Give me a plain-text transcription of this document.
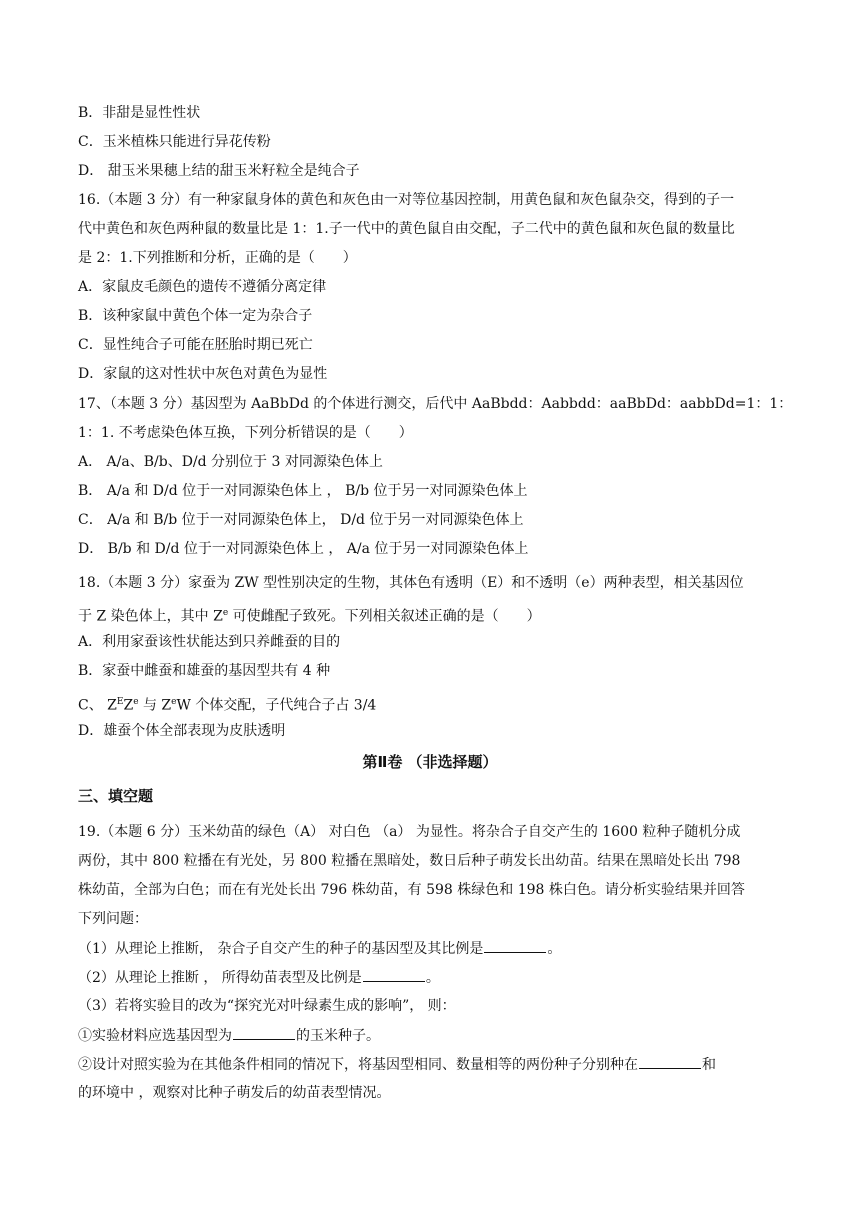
B．非甜是显性性状
C．玉米植株只能进行异花传粉
D． 甜玉米果穗上结的甜玉米籽粒全是纯合子
16.（本题 3 分）有一种家鼠身体的黄色和灰色由一对等位基因控制，用黄色鼠和灰色鼠杂交，得到的子一
代中黄色和灰色两种鼠的数量比是 1：1.子一代中的黄色鼠自由交配，子二代中的黄色鼠和灰色鼠的数量比
是 2：1.下列推断和分析，正确的是（　　）
A．家鼠皮毛颜色的遗传不遵循分离定律
B．该种家鼠中黄色个体一定为杂合子
C．显性纯合子可能在胚胎时期已死亡
D．家鼠的这对性状中灰色对黄色为显性
17、（本题 3 分）基因型为 AaBbDd 的个体进行测交，后代中 AaBbdd：Aabbdd：aaBbDd：aabbDd=1：1：
1：1. 不考虑染色体互换，下列分析错误的是（　　）
A． A/a、B/b、D/d 分别位于 3 对同源染色体上
B． A/a 和 D/d 位于一对同源染色体上 ， B/b 位于另一对同源染色体上
C． A/a 和 B/b 位于一对同源染色体上， D/d 位于另一对同源染色体上
D． B/b 和 D/d 位于一对同源染色体上 ， A/a 位于另一对同源染色体上
18.（本题 3 分）家蚕为 ZW 型性别决定的生物，其体色有透明（E）和不透明（e）两种表型，相关基因位
于 Z 染色体上，其中 $Z^e$ 可使雌配子致死。下列相关叙述正确的是（　　）
A．利用家蚕该性状能达到只养雌蚕的目的
B．家蚕中雌蚕和雄蚕的基因型共有 4 种
C、 $Z^EZ^e$ 与 $Z^eW$ 个体交配，子代纯合子占 3/4
D．雄蚕个体全部表现为皮肤透明
第Ⅱ卷 （非选择题）
三、填空题
19.（本题 6 分）玉米幼苗的绿色（A） 对白色 （a） 为显性。将杂合子自交产生的 1600 粒种子随机分成
两份，其中 800 粒播在有光处，另 800 粒播在黑暗处，数日后种子萌发长出幼苗。结果在黑暗处长出 798
株幼苗，全部为白色；而在有光处长出 796 株幼苗，有 598 株绿色和 198 株白色。请分析实验结果并回答
下列问题：
（1）从理论上推断， 杂合子自交产生的种子的基因型及其比例是	。
（2）从理论上推断 ， 所得幼苗表型及比例是	。
（3）若将实验目的改为“探究光对叶绿素生成的影响”， 则：
①实验材料应选基因型为	的玉米种子。
②设计对照实验为在其他条件相同的情况下，将基因型相同、数量相等的两份种子分别种在	和
的环境中 ，观察对比种子萌发后的幼苗表型情况。
